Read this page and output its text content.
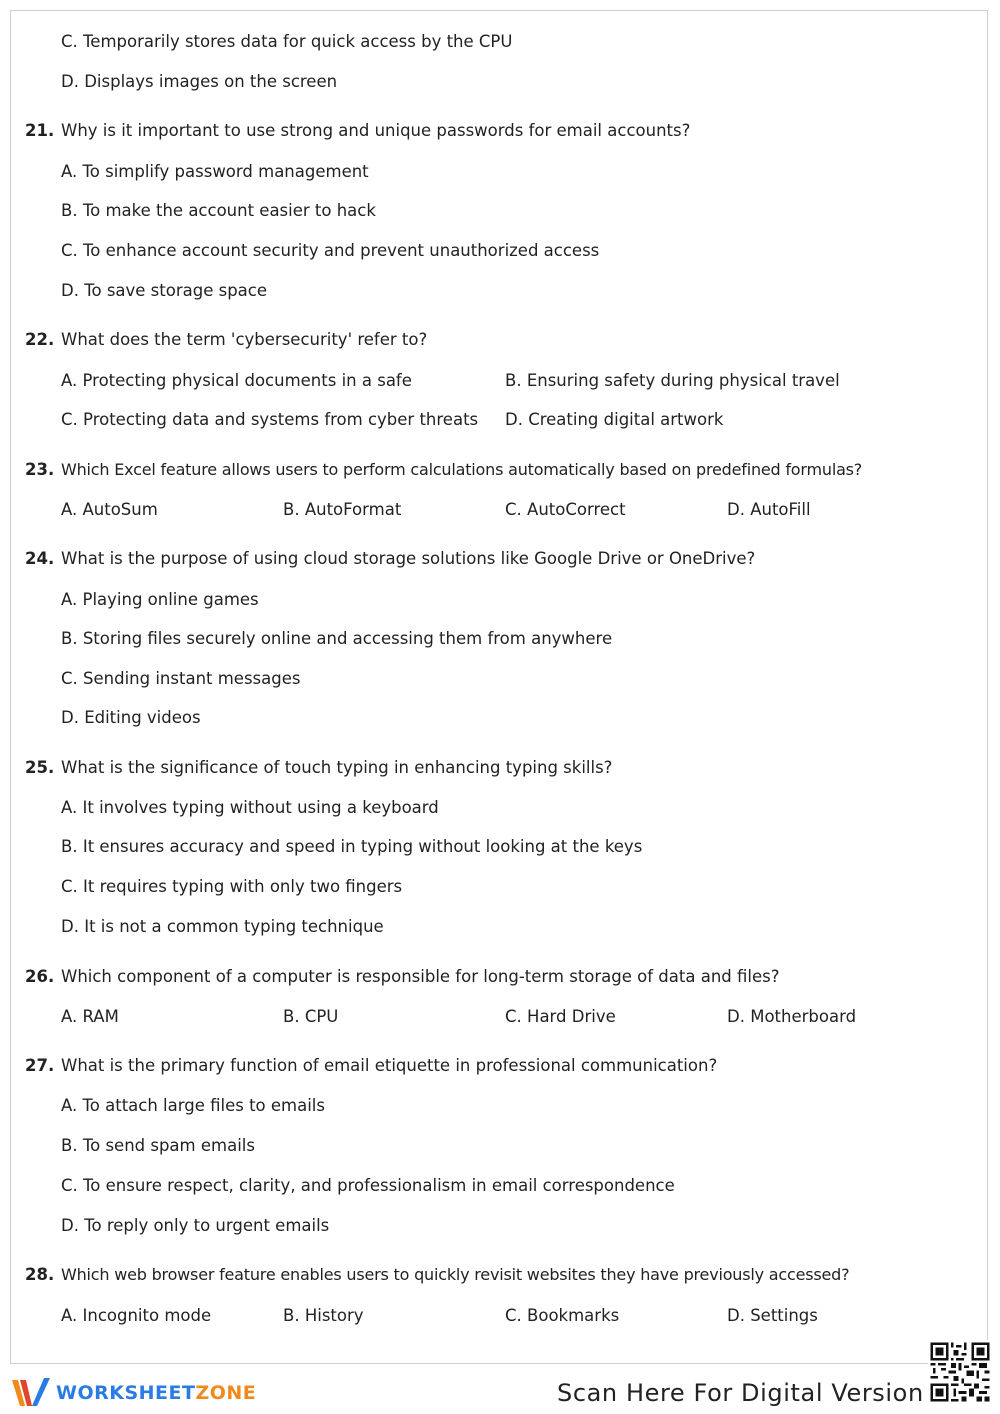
C. Temporarily stores data for quick access by the CPU
D. Displays images on the screen
21. Why is it important to use strong and unique passwords for email accounts?
A. To simplify password management
B. To make the account easier to hack
C. To enhance account security and prevent unauthorized access
D. To save storage space
22. What does the term 'cybersecurity' refer to?
A. Protecting physical documents in a safe	B. Ensuring safety during physical travel
C. Protecting data and systems from cyber threats D. Creating digital artwork
23. Which Excel feature allows users to perform calculations automatically based on predefined formulas?
A. AutoSum	B. AutoFormat	C. AutoCorrect	D. AutoFill
24. What is the purpose of using cloud storage solutions like Google Drive or OneDrive?
A. Playing online games
B. Storing files securely online and accessing them from anywhere
C. Sending instant messages
D. Editing videos
25. What is the significance of touch typing in enhancing typing skills?
A. It involves typing without using a keyboard
B. It ensures accuracy and speed in typing without looking at the keys
C. It requires typing with only two fingers
D. It is not a common typing technique
26. Which component of a computer is responsible for long-term storage of data and files?
A. RAM	B. CPU	C. Hard Drive	D. Motherboard
27. What is the primary function of email etiquette in professional communication?
A. To attach large files to emails
B. To send spam emails
C. To ensure respect, clarity, and professionalism in email correspondence
D. To reply only to urgent emails
28. Which web browser feature enables users to quickly revisit websites they have previously accessed?
A. Incognito mode	B. History	C. Bookmarks	D. Settings
WORKSHEETZONE	Scan Here For Digital Version
